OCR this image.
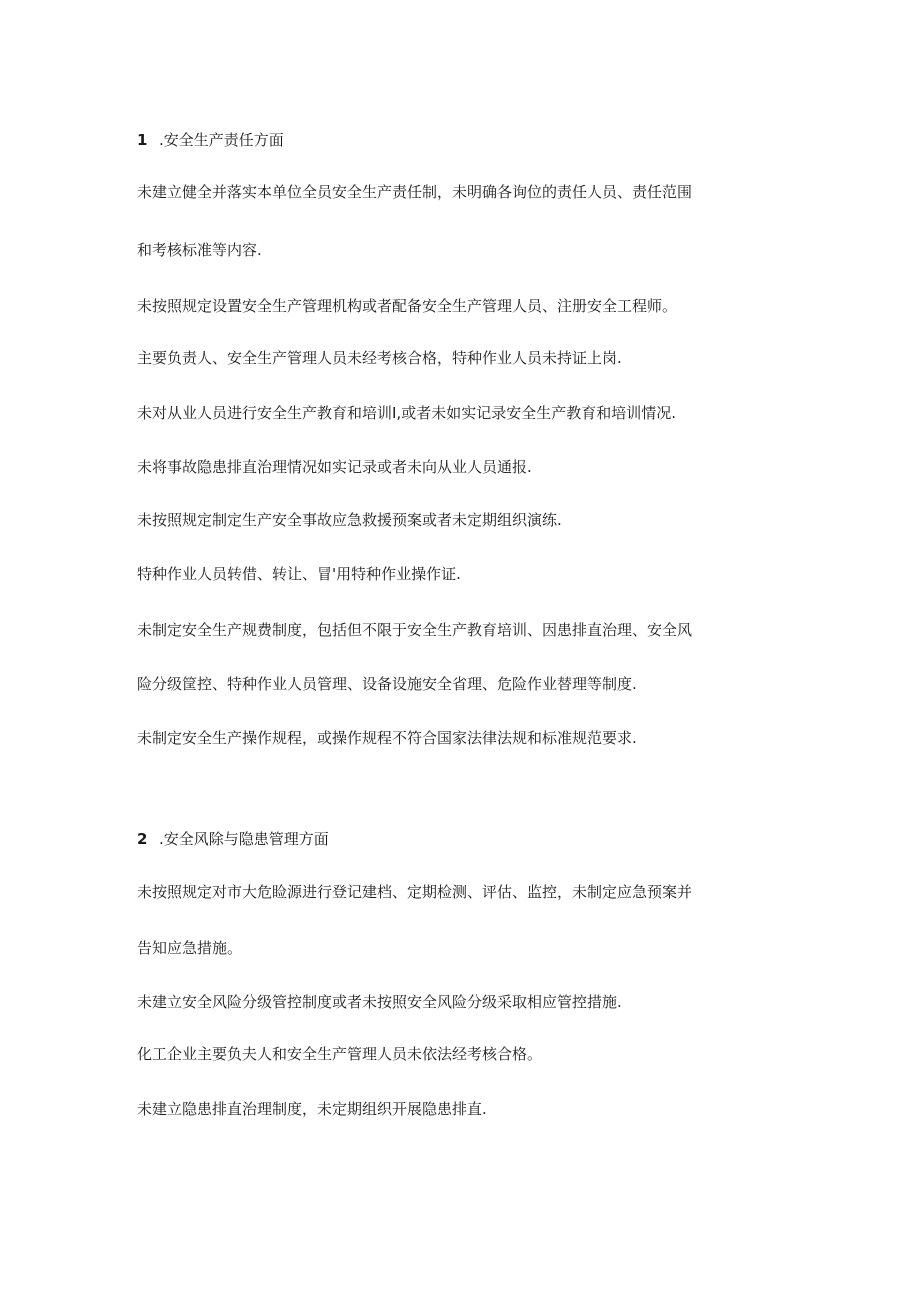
1 .安全生产责任方面
未建立健全并落实本单位全员安全生产责任制，未明确各询位的责任人员、责任范围
和考核标准等内容.
未按照规定设置安全生产管理机构或者配备安全生产管理人员、注册安全工程师。
主要负责人、安全生产管理人员未经考核合格，特种作业人员未持证上岗.
未对从业人员进行安全生产教育和培训I,或者未如实记录安全生产教育和培训情况.
未将事故隐患排直治理情况如实记录或者未向从业人员通报.
未按照规定制定生产安全事故应急救援预案或者未定期组织演练.
特种作业人员转借、转让、冒'用特种作业操作证.
未制定安全生产规费制度，包括但不限于安全生产教育培训、因患排直治理、安全风
险分级筐控、特种作业人员管理、设备设施安全省理、危险作业替理等制度.
未制定安全生产操作规程，或操作规程不符合国家法律法规和标准规范要求.
2 .安全风除与隐患管理方面
未按照规定对市大危睑源进行登记建档、定期检测、评估、监控，未制定应急预案并
告知应急措施。
未建立安全风险分级管控制度或者未按照安全风险分级采取相应管控措施.
化工企业主要负夫人和安全生产管理人员未依法经考核合格。
未建立隐患排直治理制度，未定期组织开展隐患排直.
